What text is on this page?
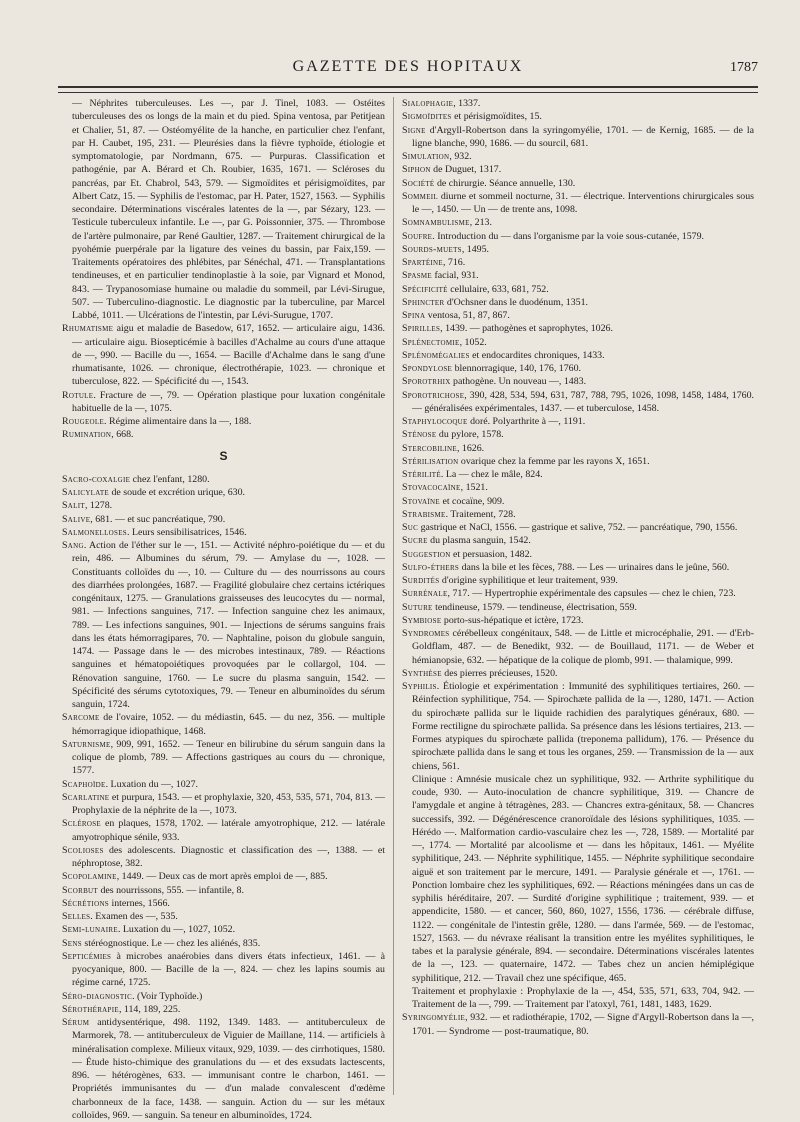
GAZETTE DES HOPITAUX	1787

— Néphrites tuberculeuses. Les —, par J. Tinel, 1083. — Ostéites tuberculeuses des os longs de la main et du pied. Spina ventosa, par Petitjean et Chalier, 51, 87. — Ostéomyélite de la hanche, en particulier chez l'enfant, par H. Caubet, 195, 231. — Pleurésies dans la fièvre typhoïde, étiologie et symptomatologie, par Nordmann, 675. — Purpuras. Classification et pathogénie, par A. Bérard et Ch. Roubier, 1635, 1671. — Scléroses du pancréas, par Et. Chabrol, 543, 579. — Sigmoïdites et périsigmoïdites, par Albert Catz, 15. — Syphilis de l'estomac, par H. Pater, 1527, 1563. — Syphilis secondaire. Déterminations viscérales latentes de la —, par Sézary, 123. — Testicule tuberculeux infantile. Le —, par G. Poissonnier, 375. — Thrombose de l'artère pulmonaire, par René Gaultier, 1287. — Traitement chirurgical de la pyohémie puerpérale par la ligature des veines du bassin, par Faix,159. — Traitements opératoires des phlébites, par Sénéchal, 471. — Transplantations tendineuses, et en particulier tendinoplastie à la soie, par Vignard et Monod, 843. — Trypanosomiase humaine ou maladie du sommeil, par Lévi-Sirugue, 507. — Tuberculino-diagnostic. Le diagnostic par la tuberculine, par Marcel Labbé, 1011. — Ulcérations de l'intestin, par Lévi-Surugue, 1707.

Rhumatisme aigu et maladie de Basedow, 617, 1652. — articulaire aigu, 1436. — articulaire aigu. Biosepticémie à bacilles d'Achalme au cours d'une attaque de —, 990. — Bacille du —, 1654. — Bacille d'Achalme dans le sang d'une rhumatisante, 1026. — chronique, électrothérapie, 1023. — chronique et tuberculose, 822. — Spécificité du —, 1543.

Rotule. Fracture de —, 79. — Opération plastique pour luxation congénitale habituelle de la —, 1075.

Rougeole. Régime alimentaire dans la —, 188.

Rumination, 668.

S

Sacro-coxalgie chez l'enfant, 1280.

Salicylate de soude et excrétion urique, 630.

Salit, 1278.

Salive, 681. — et suc pancréatique, 790.

Salmonelloses. Leurs sensibilisatrices, 1546.

Sang. Action de l'éther sur le —, 151. — Activité néphro-poiétique du — et du rein, 486. — Albumines du sérum, 79. — Amylase du —, 1028. — Constituants colloïdes du —, 10. — Culture du — des nourrissons au cours des diarrhées prolongées, 1687. — Fragilité globulaire chez certains ictériques congénitaux, 1275. — Granulations graisseuses des leucocytes du — normal, 981. — Infections sanguines, 717. — Infection sanguine chez les animaux, 789. — Les infections sanguines, 901. — Injections de sérums sanguins frais dans les états hémorragipares, 70. — Naphtaline, poison du globule sanguin, 1474. — Passage dans le — des microbes intestinaux, 789. — Réactions sanguines et hématopoiétiques provoquées par le collargol, 104. — Rénovation sanguine, 1760. — Le sucre du plasma sanguin, 1542. — Spécificité des sérums cytotoxiques, 79. — Teneur en albuminoïdes du sérum sanguin, 1724.

Sarcome de l'ovaire, 1052. — du médiastin, 645. — du nez, 356. — multiple hémorragique idiopathique, 1468.

Saturnisme, 909, 991, 1652. — Teneur en bilirubine du sérum sanguin dans la colique de plomb, 789. — Affections gastriques au cours du — chronique, 1577.

Scaphoïde. Luxation du —, 1027.

Scarlatine et purpura, 1543. — et prophylaxie, 320, 453, 535, 571, 704, 813. — Prophylaxie de la néphrite de la —, 1073.

Sclérose en plaques, 1578, 1702. — latérale amyotrophique, 212. — latérale amyotrophique sénile, 933.

Scolioses des adolescents. Diagnostic et classification des —, 1388. — et néphroptose, 382.

Scopolamine, 1449. — Deux cas de mort après emploi de —, 885.

Scorbut des nourrissons, 555. — infantile, 8.

Sécrétions internes, 1566.

Selles. Examen des —, 535.

Semi-lunaire. Luxation du —, 1027, 1052.

Sens stéréognostique. Le — chez les aliénés, 835.

Septicémies à microbes anaérobies dans divers états infectieux, 1461. — à pyocyanique, 800. — Bacille de la —, 824. — chez les lapins soumis au régime carné, 1725.

Séro-diagnostic. (Voir Typhoïde.)

Sérothérapie, 114, 189, 225.

Sérum antidysentérique, 498. 1192, 1349. 1483. — antituberculeux de Marmorek, 78. — antituberculeux de Viguier de Maillane, 114. — artificiels à minéralisation complexe. Milieux vitaux, 929, 1039. — des cirrhotiques, 1580. — Étude histo-chimique des granulations du — et des exsudats lactescents, 896. — hétérogènes, 633. — immunisant contre le charbon, 1461. — Propriétés immunisantes du — d'un malade convalescent d'œdème charbonneux de la face, 1438. — sanguin. Action du — sur les métaux colloïdes, 969. — sanguin. Sa teneur en albuminoïdes, 1724.

Sialophagie, 1337.

Sigmoïdites et périsigmoïdites, 15.

Signe d'Argyll-Robertson dans la syringomyélie, 1701. — de Kernig, 1685. — de la ligne blanche, 990, 1686. — du sourcil, 681.

Simulation, 932.

Siphon de Duguet, 1317.

Société de chirurgie. Séance annuelle, 130.

Sommeil diurne et sommeil nocturne, 31. — électrique. Interventions chirurgicales sous le —, 1450. — Un — de trente ans, 1098.

Somnambulisme, 213.

Soufre. Introduction du — dans l'organisme par la voie sous-cutanée, 1579.

Sourds-muets, 1495.

Spartéine, 716.

Spasme facial, 931.

Spécificité cellulaire, 633, 681, 752.

Sphincter d'Ochsner dans le duodénum, 1351.

Spina ventosa, 51, 87, 867.

Spirilles, 1439. — pathogènes et saprophytes, 1026.

Splénectomie, 1052.

Splénomégalies et endocardites chroniques, 1433.

Spondylose blennorragique, 140, 176, 1760.

Sporotrhix pathogène. Un nouveau —, 1483.

Sporotrichose, 390, 428, 534, 594, 631, 787, 788, 795, 1026, 1098, 1458, 1484, 1760. — généralisées expérimentales, 1437. — et tuberculose, 1458.

Staphylocoque doré. Polyarthrite à —, 1191.

Sténose du pylore, 1578.

Stercobiline, 1626.

Stérilisation ovarique chez la femme par les rayons X, 1651.

Stérilité. La — chez le mâle, 824.

Stovacocaïne, 1521.

Stovaïne et cocaïne, 909.

Strabisme. Traitement, 728.

Suc gastrique et NaCl, 1556. — gastrique et salive, 752. — pancréatique, 790, 1556.

Sucre du plasma sanguin, 1542.

Suggestion et persuasion, 1482.

Sulfo-éthers dans la bile et les fèces, 788. — Les — urinaires dans le jeûne, 560.

Surdités d'origine syphilitique et leur traitement, 939.

Surrénale, 717. — Hypertrophie expérimentale des capsules — chez le chien, 723.

Suture tendineuse, 1579. — tendineuse, électrisation, 559.

Symbiose porto-sus-hépatique et ictère, 1723.

Syndromes cérébelleux congénitaux, 548. — de Little et microcéphalie, 291. — d'Erb-Goldflam, 487. — de Benedikt, 932. — de Bouillaud, 1171. — de Weber et hémianopsie, 632. — hépatique de la colique de plomb, 991. — thalamique, 999.

Synthèse des pierres précieuses, 1520.

Syphilis. Étiologie et expérimentation : Immunité des syphilitiques tertiaires, 260. — Réinfection syphilitique, 754. — Spirochæte pallida de la —, 1280, 1471. — Action du spirochæte pallida sur le liquide rachidien des paralytiques généraux, 680. — Forme rectiligne du spirochæte pallida. Sa présence dans les lésions tertiaires, 213. — Formes atypiques du spirochæte pallida (treponema pallidum), 176. — Présence du spirochæte pallida dans le sang et tous les organes, 259. — Transmission de la — aux chiens, 561.

Clinique : Amnésie musicale chez un syphilitique, 932. — Arthrite syphilitique du coude, 930. — Auto-inoculation de chancre syphilitique, 319. — Chancre de l'amygdale et angine à tétragènes, 283. — Chancres extra-génitaux, 58. — Chancres successifs, 392. — Dégénérescence cranoroïdale des lésions syphilitiques, 1035. — Hérédo —. Malformation cardio-vasculaire chez les —, 728, 1589. — Mortalité par —, 1774. — Mortalité par alcoolisme et — dans les hôpitaux, 1461. — Myélite syphilitique, 243. — Néphrite syphilitique, 1455. — Néphrite syphilitique secondaire aiguë et son traitement par le mercure, 1491. — Paralysie générale et —, 1761. — Ponction lombaire chez les syphilitiques, 692. — Réactions méningées dans un cas de syphilis héréditaire, 207. — Surdité d'origine syphilitique ; traitement, 939. — et appendicite, 1580. — et cancer, 560, 860, 1027, 1556, 1736. — cérébrale diffuse, 1122. — congénitale de l'intestin grêle, 1280. — dans l'armée, 569. — de l'estomac, 1527, 1563. — du névraxe réalisant la transition entre les myélites syphilitiques, le tabes et la paralysie générale, 894. — secondaire. Déterminations viscérales latentes de la —, 123. — quaternaire, 1472. — Tabes chez un ancien hémiplégique syphilitique, 212. — Travail chez une spécifique, 465.

Traitement et prophylaxie : Prophylaxie de la —, 454, 535, 571, 633, 704, 942. — Traitement de la —, 799. — Traitement par l'atoxyl, 761, 1481, 1483, 1629.

Syringomyélie, 932. — et radiothérapie, 1702, — Signe d'Argyll-Robertson dans la —, 1701. — Syndrome — post-traumatique, 80.
